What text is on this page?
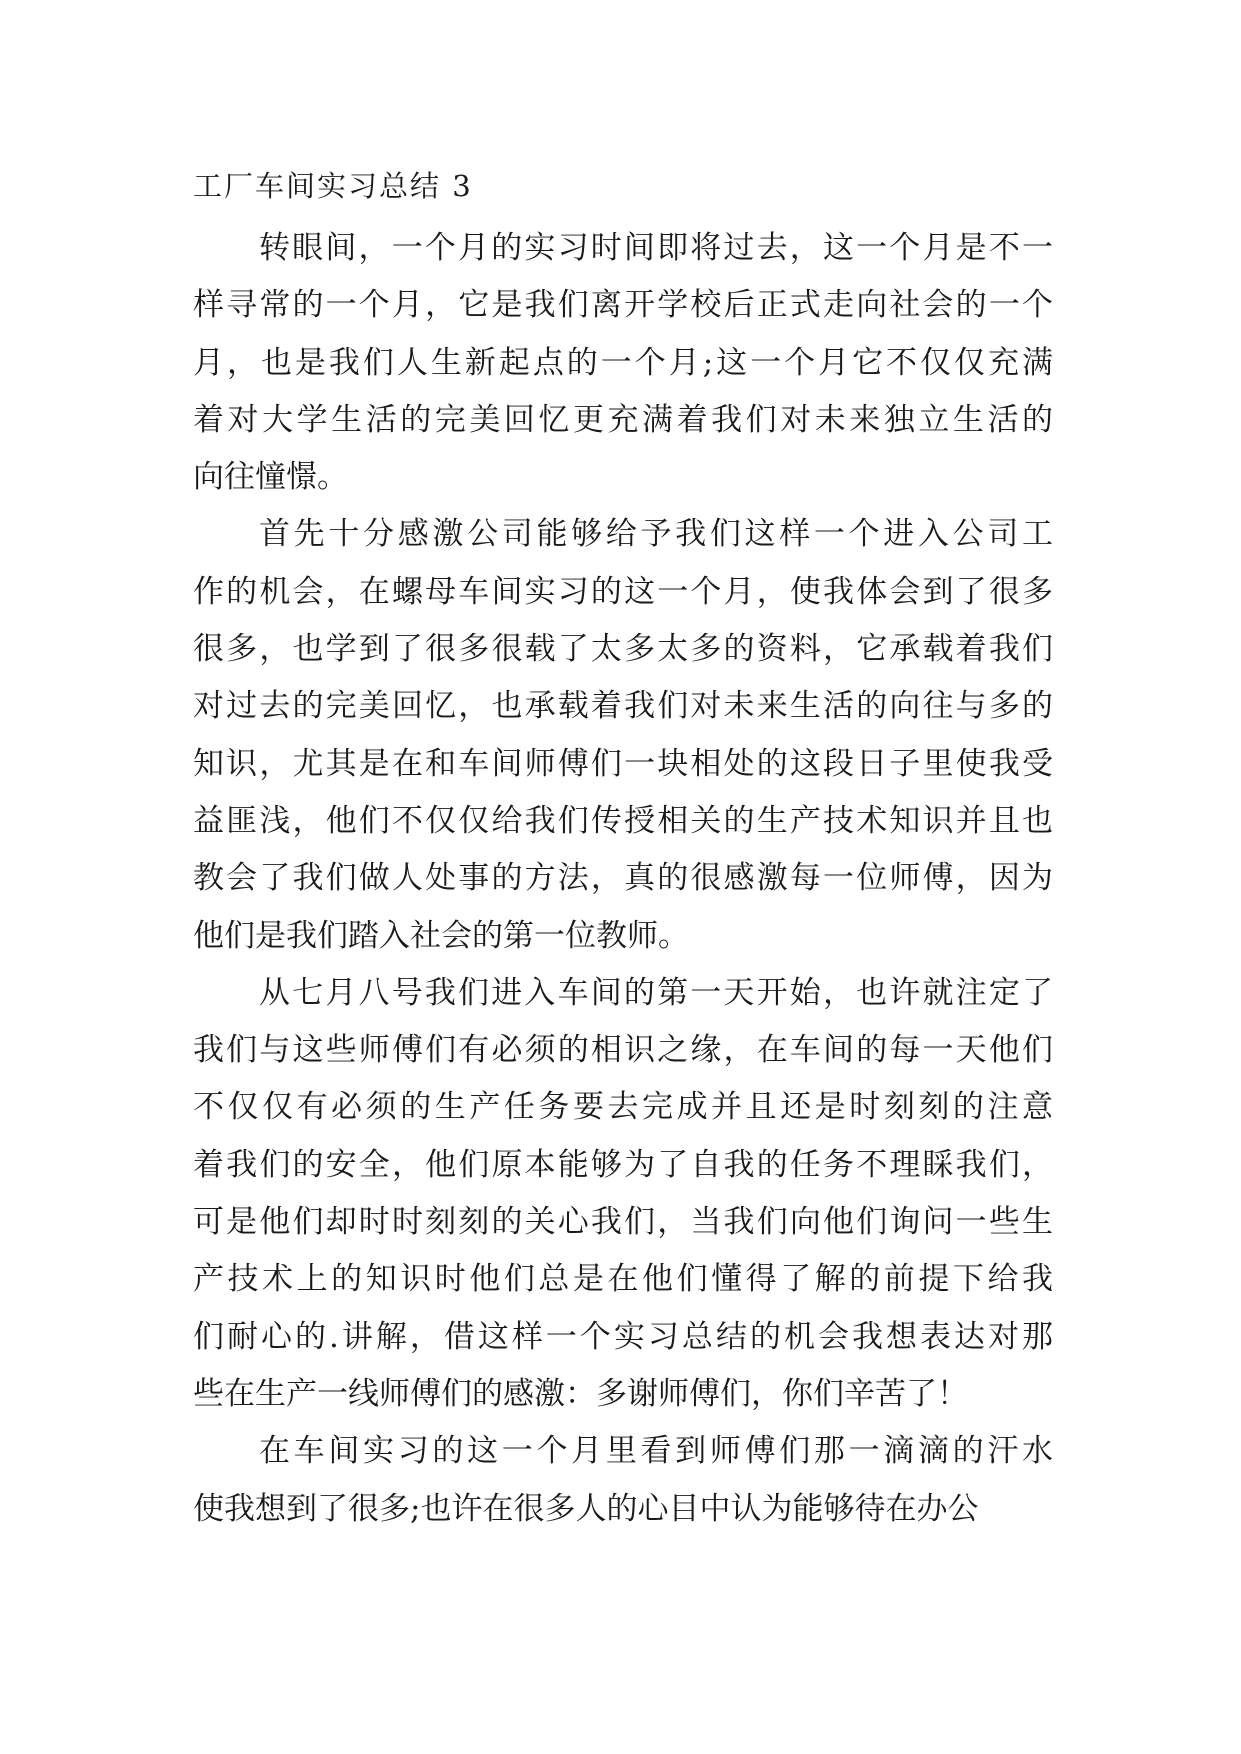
工厂车间实习总结 3
转眼间，一个月的实习时间即将过去，这一个月是不一
样寻常的一个月，它是我们离开学校后正式走向社会的一个
月，也是我们人生新起点的一个月;这一个月它不仅仅充满
着对大学生活的完美回忆更充满着我们对未来独立生活的
向往憧憬。
首先十分感激公司能够给予我们这样一个进入公司工
作的机会，在螺母车间实习的这一个月，使我体会到了很多
很多，也学到了很多很载了太多太多的资料，它承载着我们
对过去的完美回忆，也承载着我们对未来生活的向往与多的
知识，尤其是在和车间师傅们一块相处的这段日子里使我受
益匪浅，他们不仅仅给我们传授相关的生产技术知识并且也
教会了我们做人处事的方法，真的很感激每一位师傅，因为
他们是我们踏入社会的第一位教师。
从七月八号我们进入车间的第一天开始，也许就注定了
我们与这些师傅们有必须的相识之缘，在车间的每一天他们
不仅仅有必须的生产任务要去完成并且还是时刻刻的注意
着我们的安全，他们原本能够为了自我的任务不理睬我们，
可是他们却时时刻刻的关心我们，当我们向他们询问一些生
产技术上的知识时他们总是在他们懂得了解的前提下给我
们耐心的.讲解，借这样一个实习总结的机会我想表达对那
些在生产一线师傅们的感激：多谢师傅们，你们辛苦了！
在车间实习的这一个月里看到师傅们那一滴滴的汗水
使我想到了很多;也许在很多人的心目中认为能够待在办公
